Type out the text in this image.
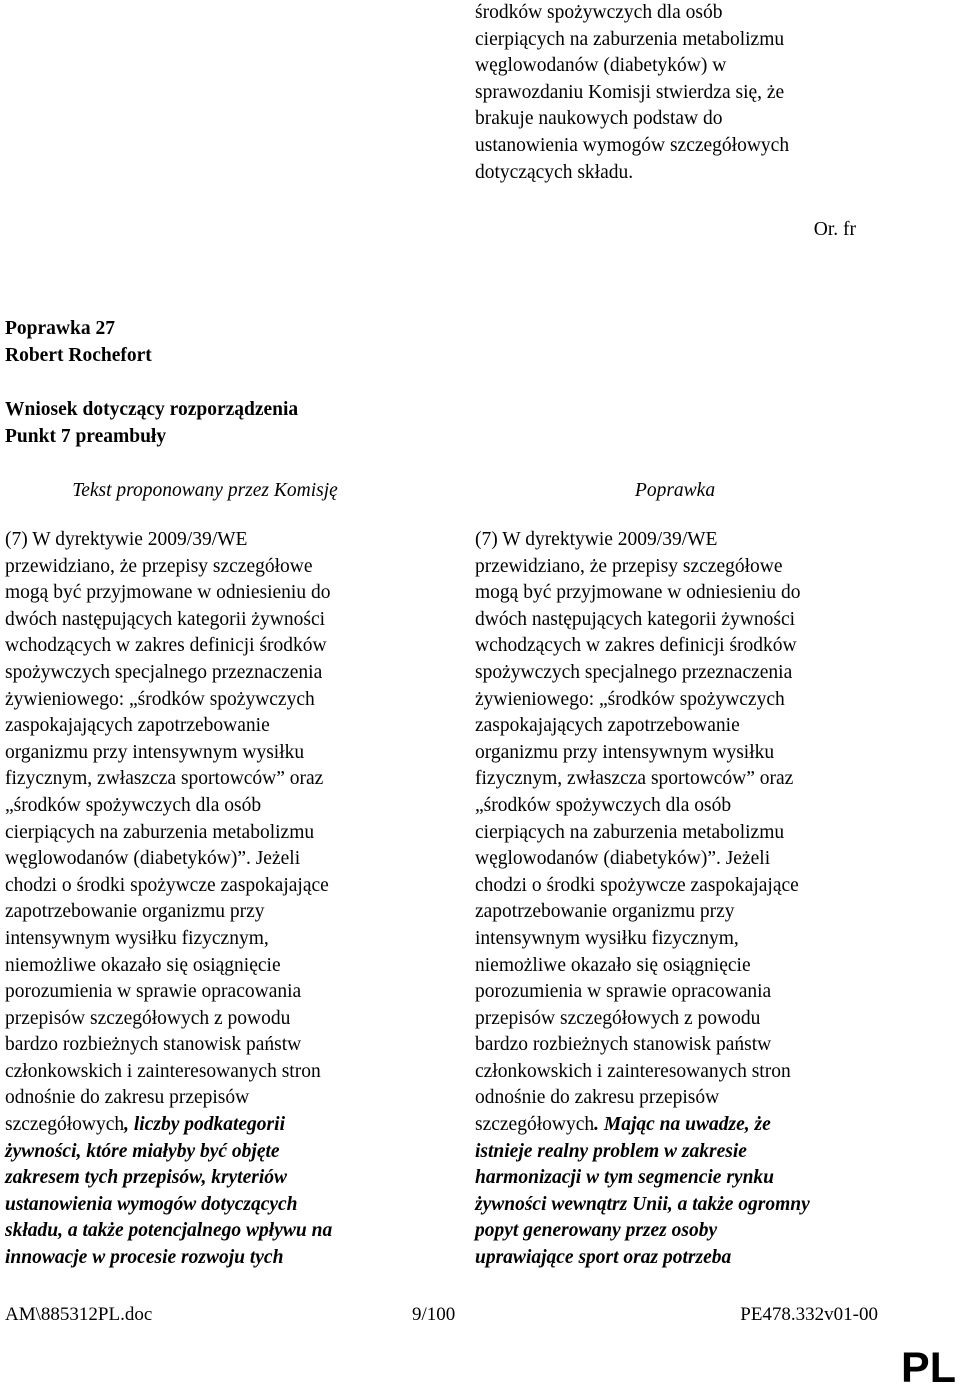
środków spożywczych dla osób
cierpiących na zaburzenia metabolizmu
węglowodanów (diabetyków) w
sprawozdaniu Komisji stwierdza się, że
brakuje naukowych podstaw do
ustanowienia wymogów szczegółowych
dotyczących składu.
Or. fr
Poprawka 27
Robert Rochefort
Wniosek dotyczący rozporządzenia
Punkt 7 preambuły
Tekst proponowany przez Komisję	Poprawka
(7) W dyrektywie 2009/39/WE
przewidziano, że przepisy szczegółowe
mogą być przyjmowane w odniesieniu do
dwóch następujących kategorii żywności
wchodzących w zakres definicji środków
spożywczych specjalnego przeznaczenia
żywieniowego: „środków spożywczych
zaspokajających zapotrzebowanie
organizmu przy intensywnym wysiłku
fizycznym, zwłaszcza sportowców” oraz
„środków spożywczych dla osób
cierpiących na zaburzenia metabolizmu
węglowodanów (diabetyków)”. Jeżeli
chodzi o środki spożywcze zaspokajające
zapotrzebowanie organizmu przy
intensywnym wysiłku fizycznym,
niemożliwe okazało się osiągnięcie
porozumienia w sprawie opracowania
przepisów szczegółowych z powodu
bardzo rozbieżnych stanowisk państw
członkowskich i zainteresowanych stron
odnośnie do zakresu przepisów
szczegółowych, liczby podkategorii
żywności, które miałyby być objęte
zakresem tych przepisów, kryteriów
ustanowienia wymogów dotyczących
składu, a także potencjalnego wpływu na
innowacje w procesie rozwoju tych
(7) W dyrektywie 2009/39/WE
przewidziano, że przepisy szczegółowe
mogą być przyjmowane w odniesieniu do
dwóch następujących kategorii żywności
wchodzących w zakres definicji środków
spożywczych specjalnego przeznaczenia
żywieniowego: „środków spożywczych
zaspokajających zapotrzebowanie
organizmu przy intensywnym wysiłku
fizycznym, zwłaszcza sportowców” oraz
„środków spożywczych dla osób
cierpiących na zaburzenia metabolizmu
węglowodanów (diabetyków)”. Jeżeli
chodzi o środki spożywcze zaspokajające
zapotrzebowanie organizmu przy
intensywnym wysiłku fizycznym,
niemożliwe okazało się osiągnięcie
porozumienia w sprawie opracowania
przepisów szczegółowych z powodu
bardzo rozbieżnych stanowisk państw
członkowskich i zainteresowanych stron
odnośnie do zakresu przepisów
szczegółowych. Mając na uwadze, że
istnieje realny problem w zakresie
harmonizacji w tym segmencie rynku
żywności wewnątrz Unii, a także ogromny
popyt generowany przez osoby
uprawiające sport oraz potrzeba
AM\885312PL.doc	9/100	PE478.332v01-00
PL
